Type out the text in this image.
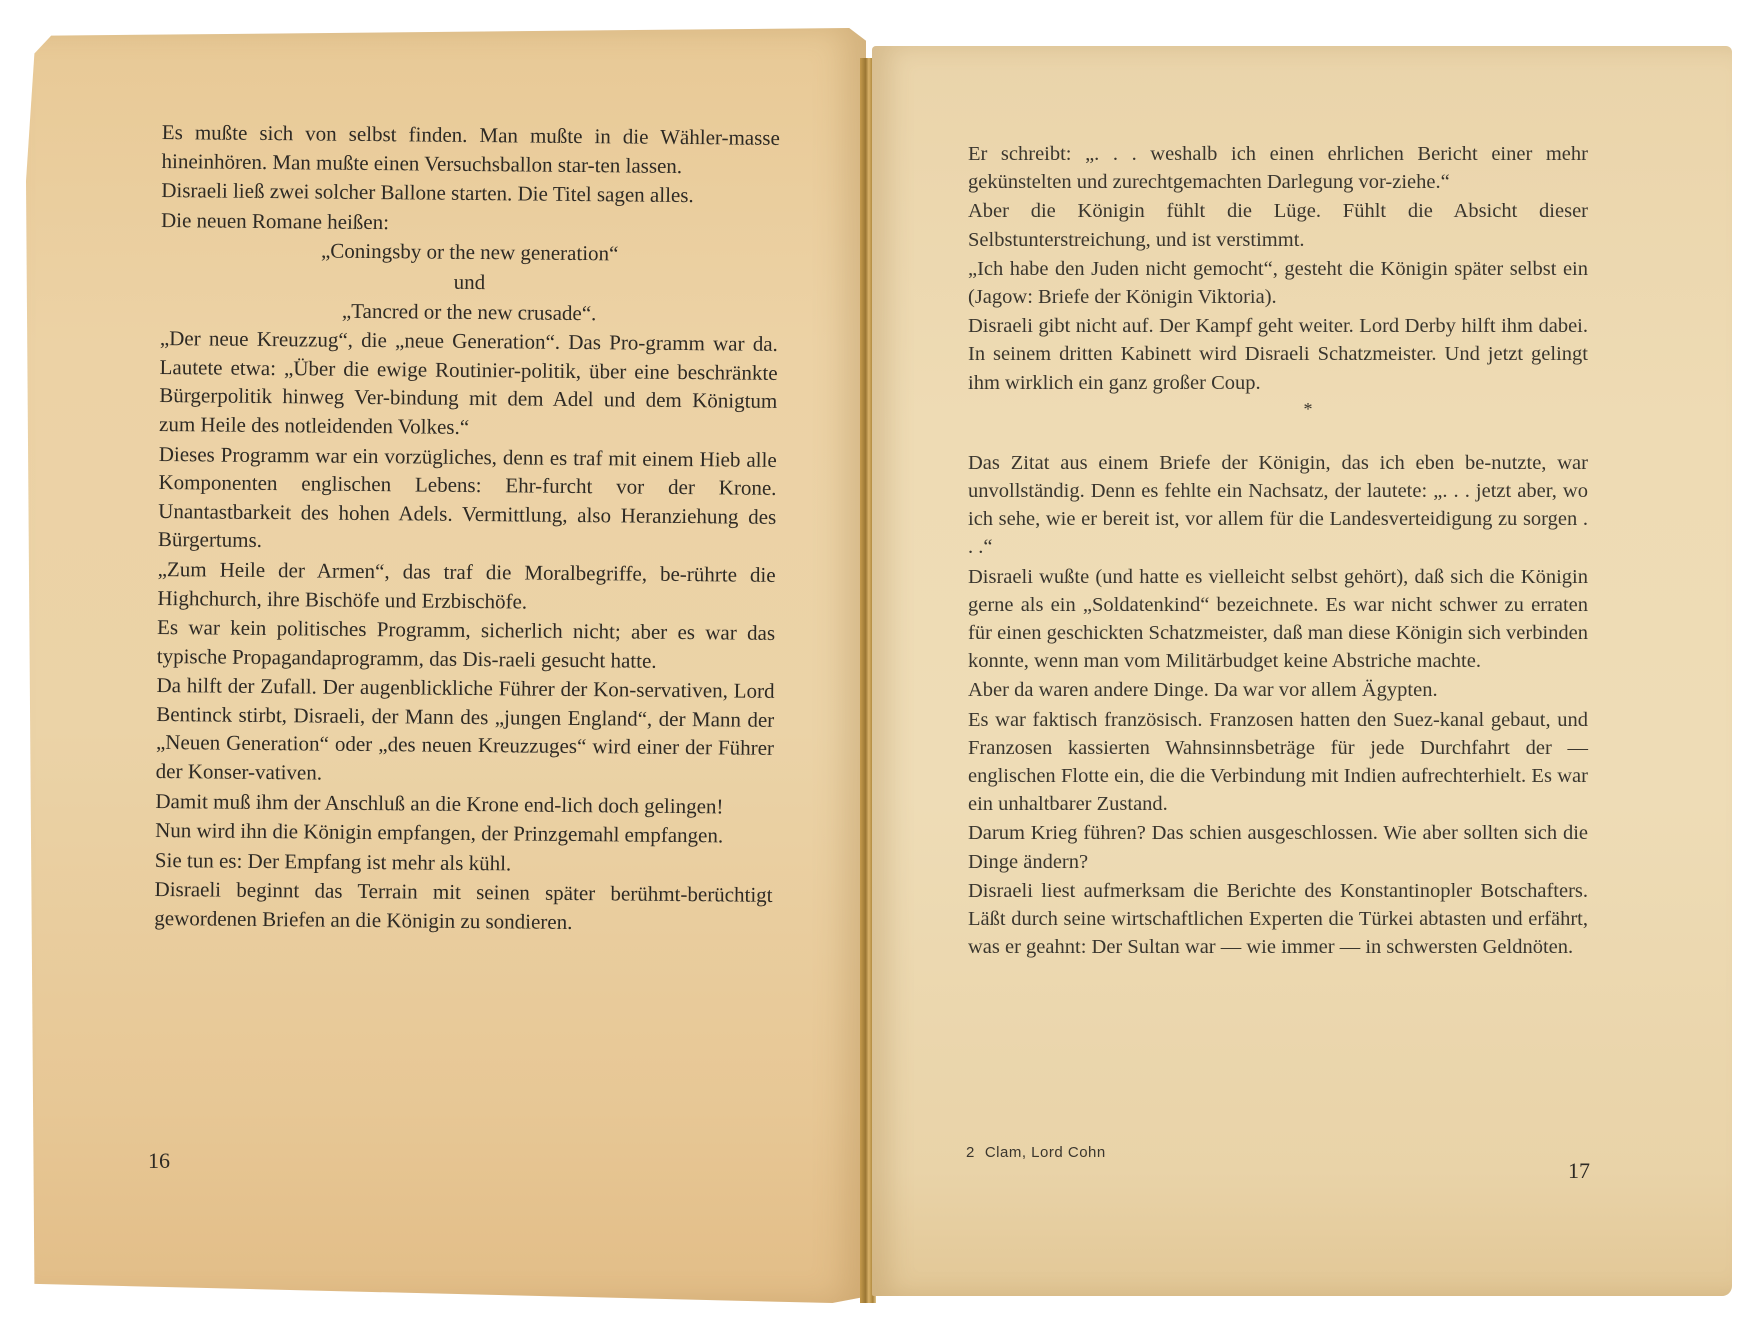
Es mußte sich von selbst finden. Man mußte in die Wähler-masse hineinhören. Man mußte einen Versuchsballon star-ten lassen.

Disraeli ließ zwei solcher Ballone starten. Die Titel sagen alles.

Die neuen Romane heißen:

„Coningsby or the new generation“

und

„Tancred or the new crusade“.

„Der neue Kreuzzug“, die „neue Generation“. Das Pro-gramm war da. Lautete etwa: „Über die ewige Routinier-politik, über eine beschränkte Bürgerpolitik hinweg Ver-bindung mit dem Adel und dem Königtum zum Heile des notleidenden Volkes.“

Dieses Programm war ein vorzügliches, denn es traf mit einem Hieb alle Komponenten englischen Lebens: Ehr-furcht vor der Krone. Unantastbarkeit des hohen Adels. Vermittlung, also Heranziehung des Bürgertums.

„Zum Heile der Armen“, das traf die Moralbegriffe, be-rührte die Highchurch, ihre Bischöfe und Erzbischöfe.

Es war kein politisches Programm, sicherlich nicht; aber es war das typische Propagandaprogramm, das Dis-raeli gesucht hatte.

Da hilft der Zufall. Der augenblickliche Führer der Kon-servativen, Lord Bentinck stirbt, Disraeli, der Mann des „jungen England“, der Mann der „Neuen Generation“ oder „des neuen Kreuzzuges“ wird einer der Führer der Konser-vativen.

Damit muß ihm der Anschluß an die Krone end-lich doch gelingen!

Nun wird ihn die Königin empfangen, der Prinzgemahl empfangen.

Sie tun es: Der Empfang ist mehr als kühl.

Disraeli beginnt das Terrain mit seinen später berühmt-berüchtigt gewordenen Briefen an die Königin zu sondieren.

16

Er schreibt: „. . . weshalb ich einen ehrlichen Bericht einer mehr gekünstelten und zurechtgemachten Darlegung vor-ziehe.“

Aber die Königin fühlt die Lüge. Fühlt die Absicht dieser Selbstunterstreichung, und ist verstimmt.

„Ich habe den Juden nicht gemocht“, gesteht die Königin später selbst ein (Jagow: Briefe der Königin Viktoria).

Disraeli gibt nicht auf. Der Kampf geht weiter. Lord Derby hilft ihm dabei. In seinem dritten Kabinett wird Disraeli Schatzmeister. Und jetzt gelingt ihm wirklich ein ganz großer Coup.

*

Das Zitat aus einem Briefe der Königin, das ich eben be-nutzte, war unvollständig. Denn es fehlte ein Nachsatz, der lautete: „. . . jetzt aber, wo ich sehe, wie er bereit ist, vor allem für die Landesverteidigung zu sorgen . . .“

Disraeli wußte (und hatte es vielleicht selbst gehört), daß sich die Königin gerne als ein „Soldatenkind“ bezeichnete. Es war nicht schwer zu erraten für einen geschickten Schatzmeister, daß man diese Königin sich verbinden konnte, wenn man vom Militärbudget keine Abstriche machte.

Aber da waren andere Dinge. Da war vor allem Ägypten.

Es war faktisch französisch. Franzosen hatten den Suez-kanal gebaut, und Franzosen kassierten Wahnsinnsbeträge für jede Durchfahrt der — englischen Flotte ein, die die Verbindung mit Indien aufrechterhielt. Es war ein unhaltbarer Zustand.

Darum Krieg führen? Das schien ausgeschlossen. Wie aber sollten sich die Dinge ändern?

Disraeli liest aufmerksam die Berichte des Konstantinopler Botschafters. Läßt durch seine wirtschaftlichen Experten die Türkei abtasten und erfährt, was er geahnt: Der Sultan war — wie immer — in schwersten Geldnöten.

2 Clam, Lord Cohn
17
